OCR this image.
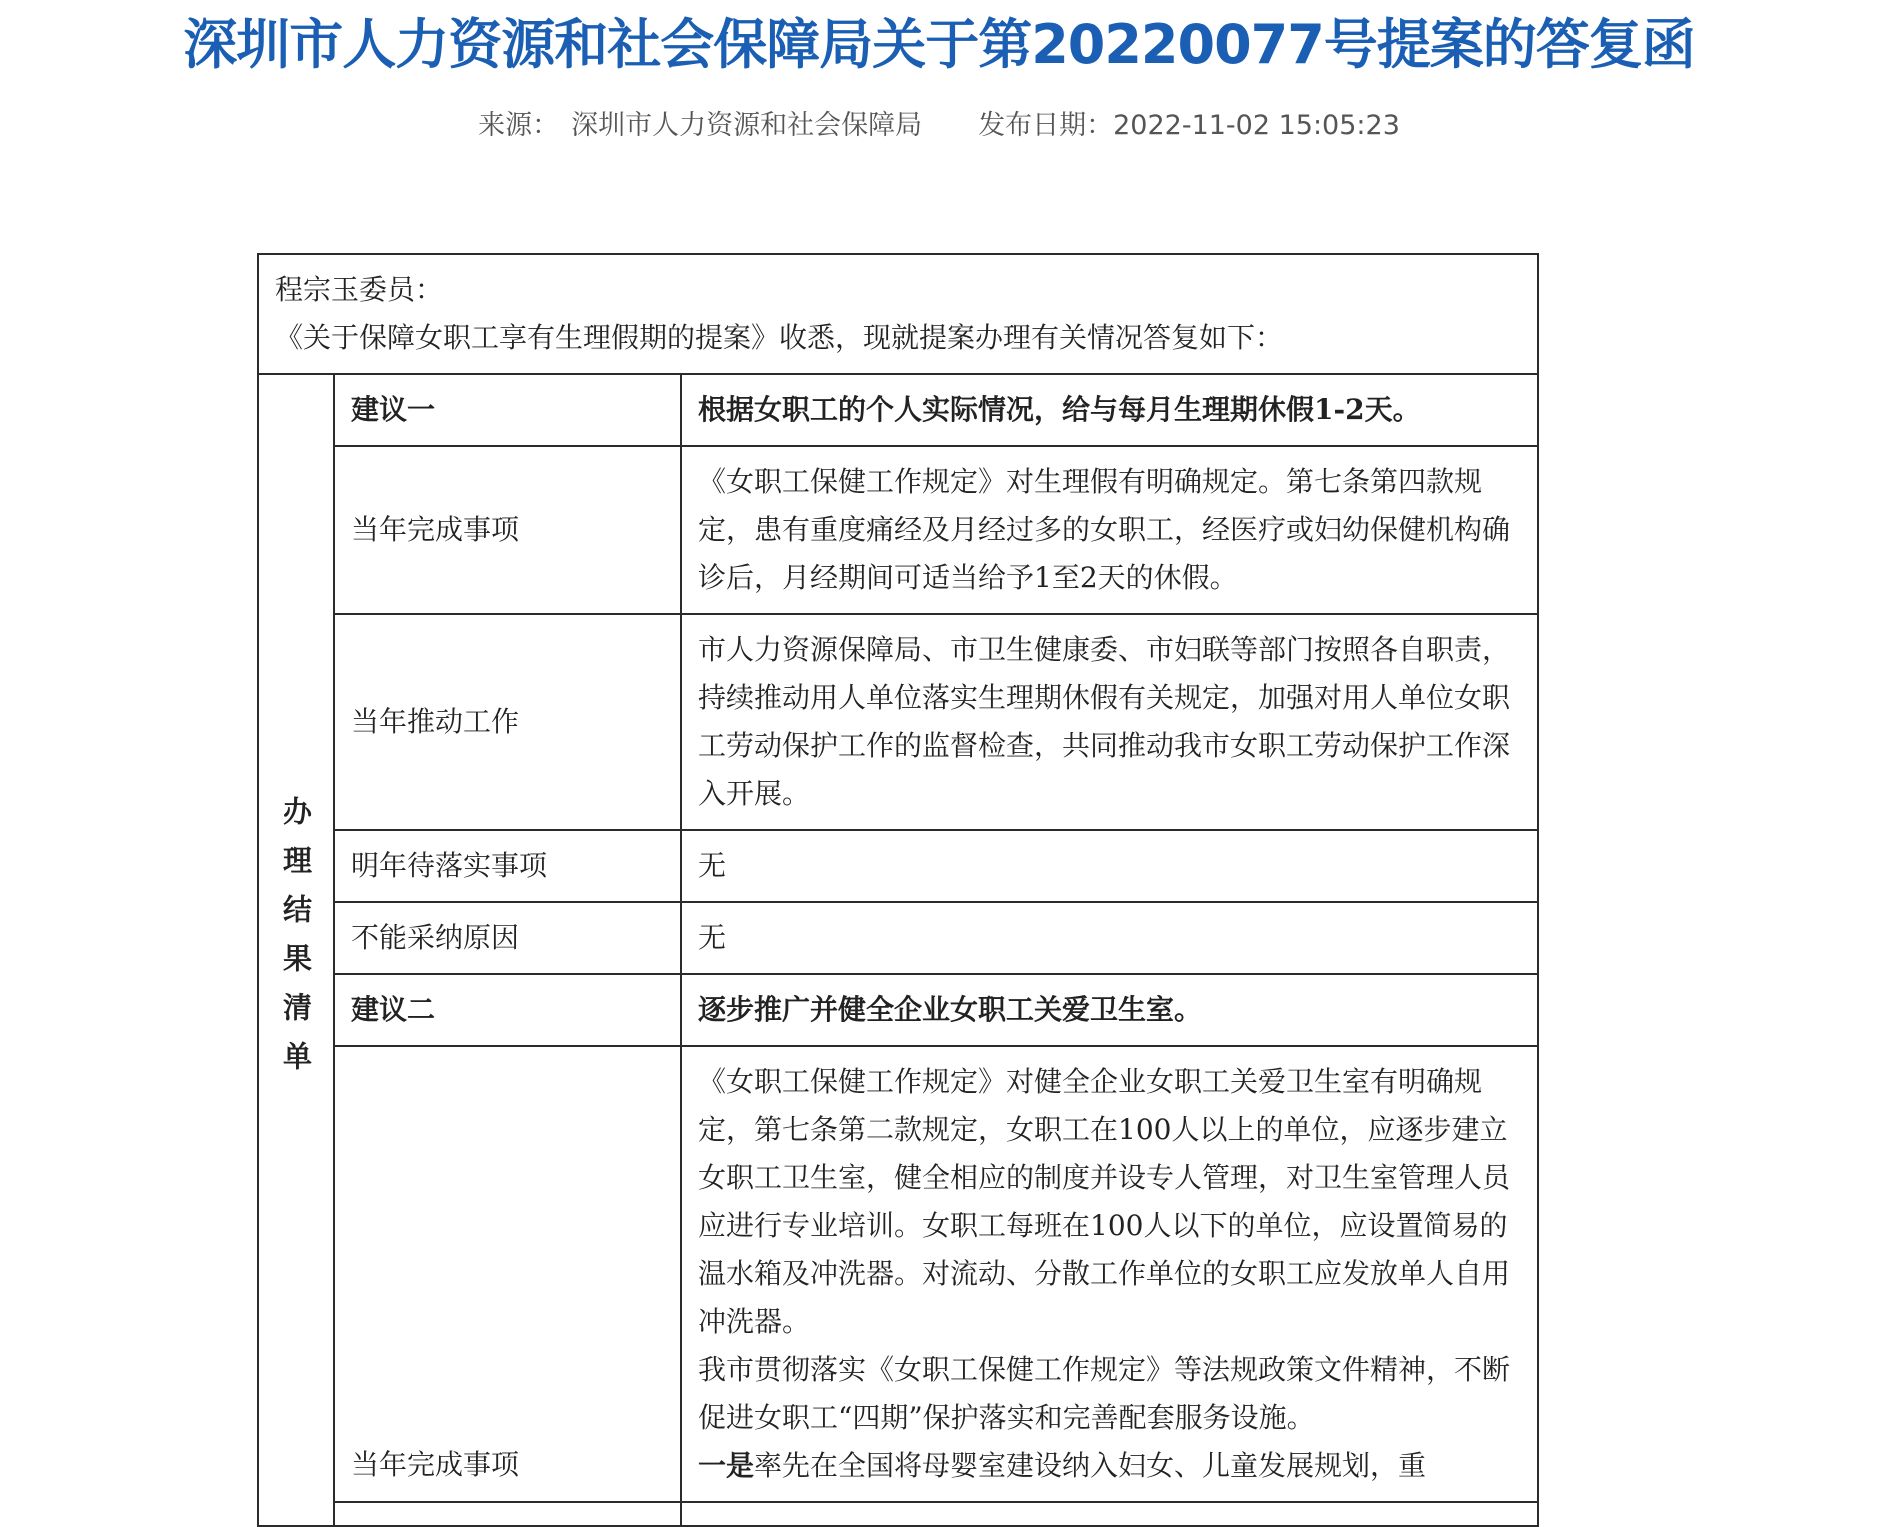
深圳市人力资源和社会保障局关于第20220077号提案的答复函
来源： 深圳市人力资源和社会保障局 发布日期：2022-11-02 15:05:23
程宗玉委员：
《关于保障女职工享有生理假期的提案》收悉，现就提案办理有关情况答复如下：		

办理结果清单	建议一	根据女职工的个人实际情况，给与每月生理期休假1-2天。
	当年完成事项	《女职工保健工作规定》对生理假有明确规定。第七条第四款规定，患有重度痛经及月经过多的女职工，经医疗或妇幼保健机构确诊后，月经期间可适当给予1至2天的休假。
	当年推动工作	市人力资源保障局、市卫生健康委、市妇联等部门按照各自职责，持续推动用人单位落实生理期休假有关规定，加强对用人单位女职工劳动保护工作的监督检查，共同推动我市女职工劳动保护工作深入开展。
	明年待落实事项	无
	不能采纳原因	无
	建议二	逐步推广并健全企业女职工关爱卫生室。
	当年完成事项	《女职工保健工作规定》对健全企业女职工关爱卫生室有明确规定，第七条第二款规定，女职工在100人以上的单位，应逐步建立女职工卫生室，健全相应的制度并设专人管理，对卫生室管理人员应进行专业培训。女职工每班在100人以下的单位，应设置简易的温水箱及冲洗器。对流动、分散工作单位的女职工应发放单人自用冲洗器。
我市贯彻落实《女职工保健工作规定》等法规政策文件精神，不断促进女职工“四期”保护落实和完善配套服务设施。
一是率先在全国将母婴室建设纳入妇女、儿童发展规划，重
